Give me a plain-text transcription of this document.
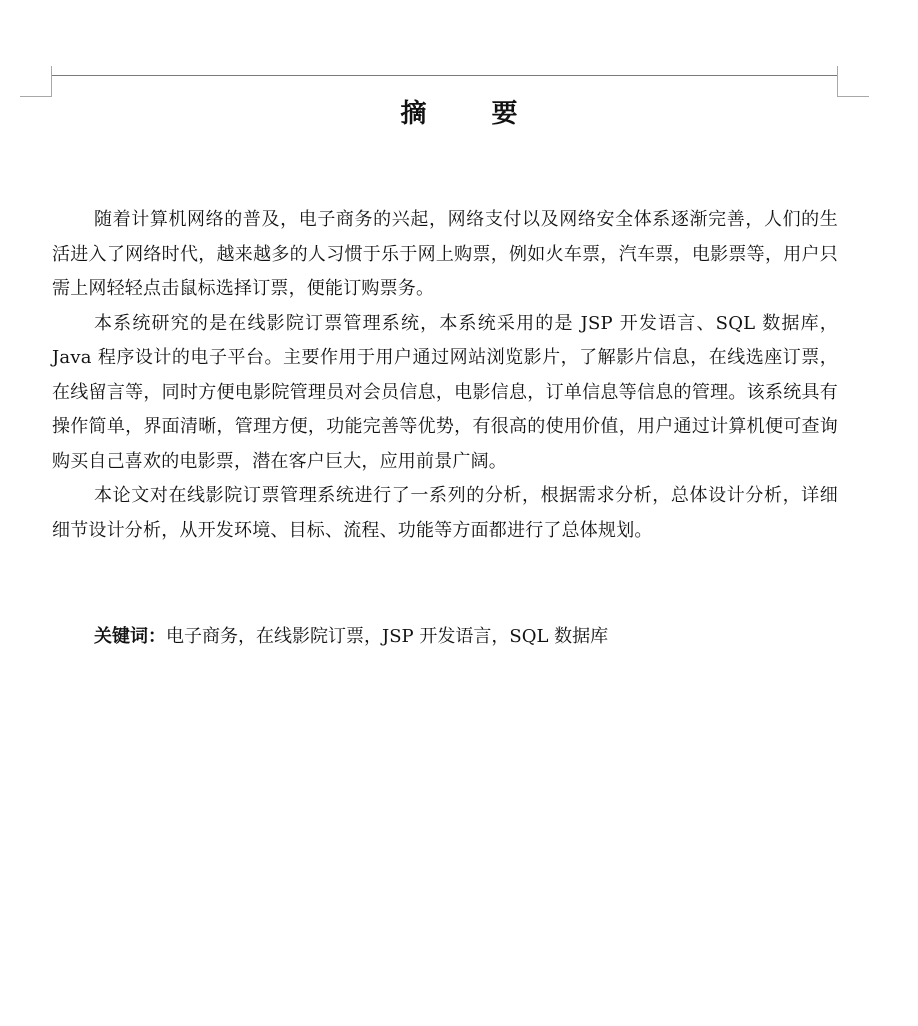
摘 要

随着计算机网络的普及，电子商务的兴起，网络支付以及网络安全体系逐渐完善，人们的生活进入了网络时代，越来越多的人习惯于乐于网上购票，例如火车票，汽车票，电影票等，用户只需上网轻轻点击鼠标选择订票，便能订购票务。

本系统研究的是在线影院订票管理系统，本系统采用的是 JSP 开发语言、SQL 数据库，Java 程序设计的电子平台。主要作用于用户通过网站浏览影片，了解影片信息，在线选座订票，在线留言等，同时方便电影院管理员对会员信息，电影信息，订单信息等信息的管理。该系统具有操作简单，界面清晰，管理方便，功能完善等优势，有很高的使用价值，用户通过计算机便可查询购买自己喜欢的电影票，潜在客户巨大，应用前景广阔。

本论文对在线影院订票管理系统进行了一系列的分析，根据需求分析，总体设计分析，详细细节设计分析，从开发环境、目标、流程、功能等方面都进行了总体规划。

关键词：电子商务，在线影院订票，JSP 开发语言，SQL 数据库
